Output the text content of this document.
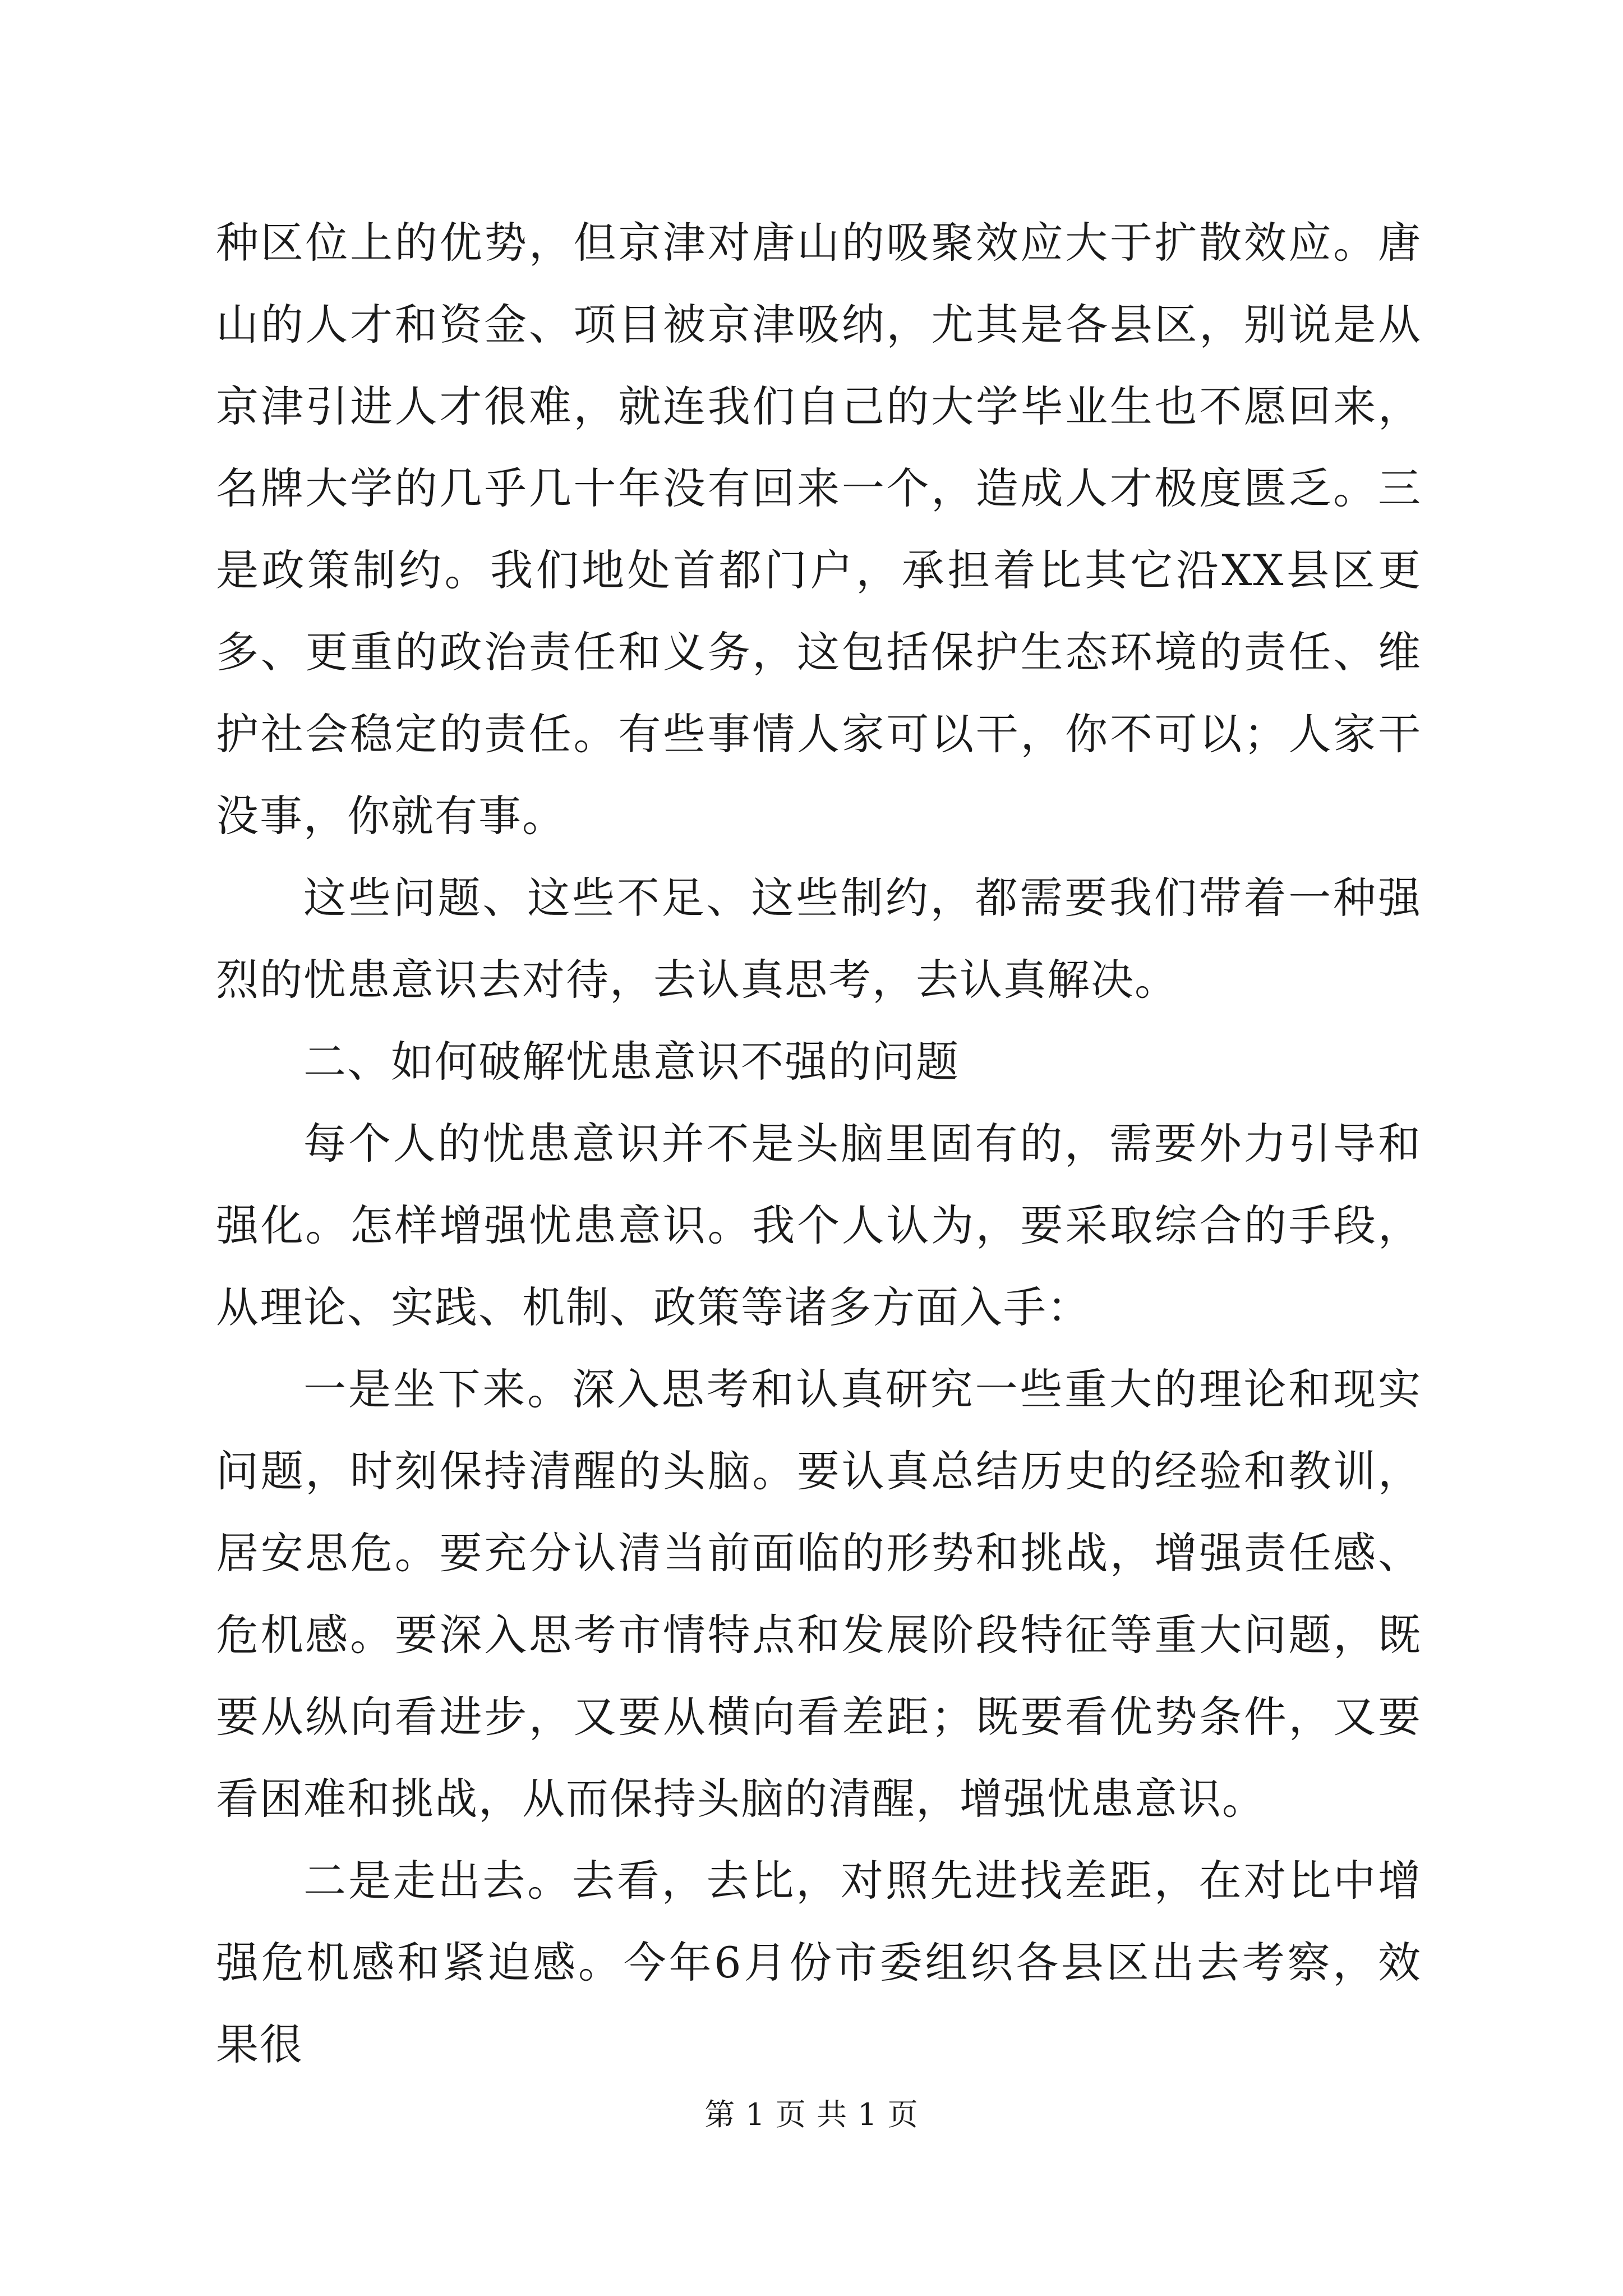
种区位上的优势，但京津对唐山的吸聚效应大于扩散效应。唐山的人才和资金、项目被京津吸纳，尤其是各县区，别说是从京津引进人才很难，就连我们自己的大学毕业生也不愿回来，名牌大学的几乎几十年没有回来一个，造成人才极度匮乏。三是政策制约。我们地处首都门户，承担着比其它沿XX县区更多、更重的政治责任和义务，这包括保护生态环境的责任、维护社会稳定的责任。有些事情人家可以干，你不可以；人家干没事，你就有事。

这些问题、这些不足、这些制约，都需要我们带着一种强烈的忧患意识去对待，去认真思考，去认真解决。

二、如何破解忧患意识不强的问题

每个人的忧患意识并不是头脑里固有的，需要外力引导和强化。怎样增强忧患意识。我个人认为，要采取综合的手段，从理论、实践、机制、政策等诸多方面入手：

一是坐下来。深入思考和认真研究一些重大的理论和现实问题，时刻保持清醒的头脑。要认真总结历史的经验和教训，居安思危。要充分认清当前面临的形势和挑战，增强责任感、危机感。要深入思考市情特点和发展阶段特征等重大问题，既要从纵向看进步，又要从横向看差距；既要看优势条件，又要看困难和挑战，从而保持头脑的清醒，增强忧患意识。

二是走出去。去看，去比，对照先进找差距，在对比中增强危机感和紧迫感。今年6月份市委组织各县区出去考察，效果很

第 1 页 共 1 页
